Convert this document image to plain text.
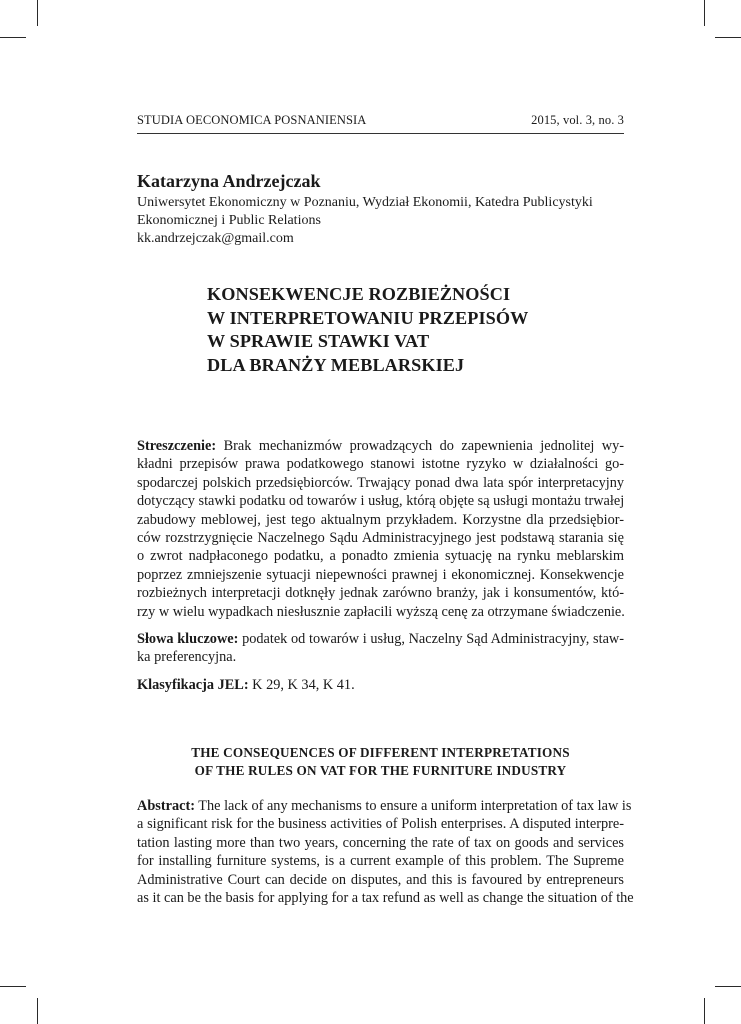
STUDIA OECONOMICA POSNANIENSIA	2015, vol. 3, no. 3
Katarzyna Andrzejczak
Uniwersytet Ekonomiczny w Poznaniu, Wydział Ekonomii, Katedra Publicystyki
Ekonomicznej i Public Relations
kk.andrzejczak@gmail.com
KONSEKWENCJE ROZBIEŻNOŚCI
W INTERPRETOWANIU PRZEPISÓW
W SPRAWIE STAWKI VAT
DLA BRANŻY MEBLARSKIEJ
Streszczenie: Brak mechanizmów prowadzących do zapewnienia jednolitej wy-
kładni przepisów prawa podatkowego stanowi istotne ryzyko w działalności go-
spodarczej polskich przedsiębiorców. Trwający ponad dwa lata spór interpretacyjny
dotyczący stawki podatku od towarów i usług, którą objęte są usługi montażu trwałej
zabudowy meblowej, jest tego aktualnym przykładem. Korzystne dla przedsiębior-
ców rozstrzygnięcie Naczelnego Sądu Administracyjnego jest podstawą starania się
o zwrot nadpłaconego podatku, a ponadto zmienia sytuację na rynku meblarskim
poprzez zmniejszenie sytuacji niepewności prawnej i ekonomicznej. Konsekwencje
rozbieżnych interpretacji dotknęły jednak zarówno branży, jak i konsumentów, któ-
rzy w wielu wypadkach niesłusznie zapłacili wyższą cenę za otrzymane świadczenie.
Słowa kluczowe: podatek od towarów i usług, Naczelny Sąd Administracyjny, staw-
ka preferencyjna.
Klasyfikacja JEL: K 29, K 34, K 41.
THE CONSEQUENCES OF DIFFERENT INTERPRETATIONS
OF THE RULES ON VAT FOR THE FURNITURE INDUSTRY
Abstract: The lack of any mechanisms to ensure a uniform interpretation of tax law is
a significant risk for the business activities of Polish enterprises. A disputed interpre-
tation lasting more than two years, concerning the rate of tax on goods and services
for installing furniture systems, is a current example of this problem. The Supreme
Administrative Court can decide on disputes, and this is favoured by entrepreneurs
as it can be the basis for applying for a tax refund as well as change the situation of the
